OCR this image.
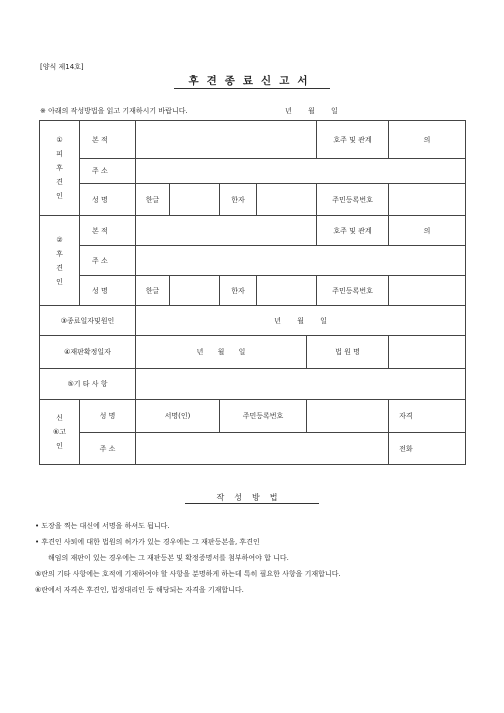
[양식 제14호]
후견종료신고서
※ 아래의 작성방법을 읽고 기재하시기 바랍니다.	년 월 일
①
피
후
견
인	본 적						호주 및 관계	의
	주 소							
	성 명	한글		한자			주민등록번호	

②
후
견
인	본 적						호주 및 관계	의
	주 소							
	성 명	한글		한자			주민등록번호	
③종료일자및원인		년 월 일						
④재판확정일자		년 월 일				법 원 명		
⑤기 타 사 항								

신
⑥고
인	성 명	서명(인)		주민등록번호				자격
	주 소							전화
작성방법
• 도장을 찍는 대신에 서명을 하셔도 됩니다.
• 후견인 사퇴에 대한 법원의 허가가 있는 경우에는 그 재판등본을, 후견인
해임의 재판이 있는 경우에는 그 재판등본 및 확정증명서를 첨부하여야 합 니다.
⑤란의 기타 사항에는 호적에 기재하여야 할 사항을 분명하게 하는데 특히 필요한 사항을 기재합니다.
⑥란에서 자격은 후견인, 법정대리인 등 해당되는 자격을 기재합니다.
